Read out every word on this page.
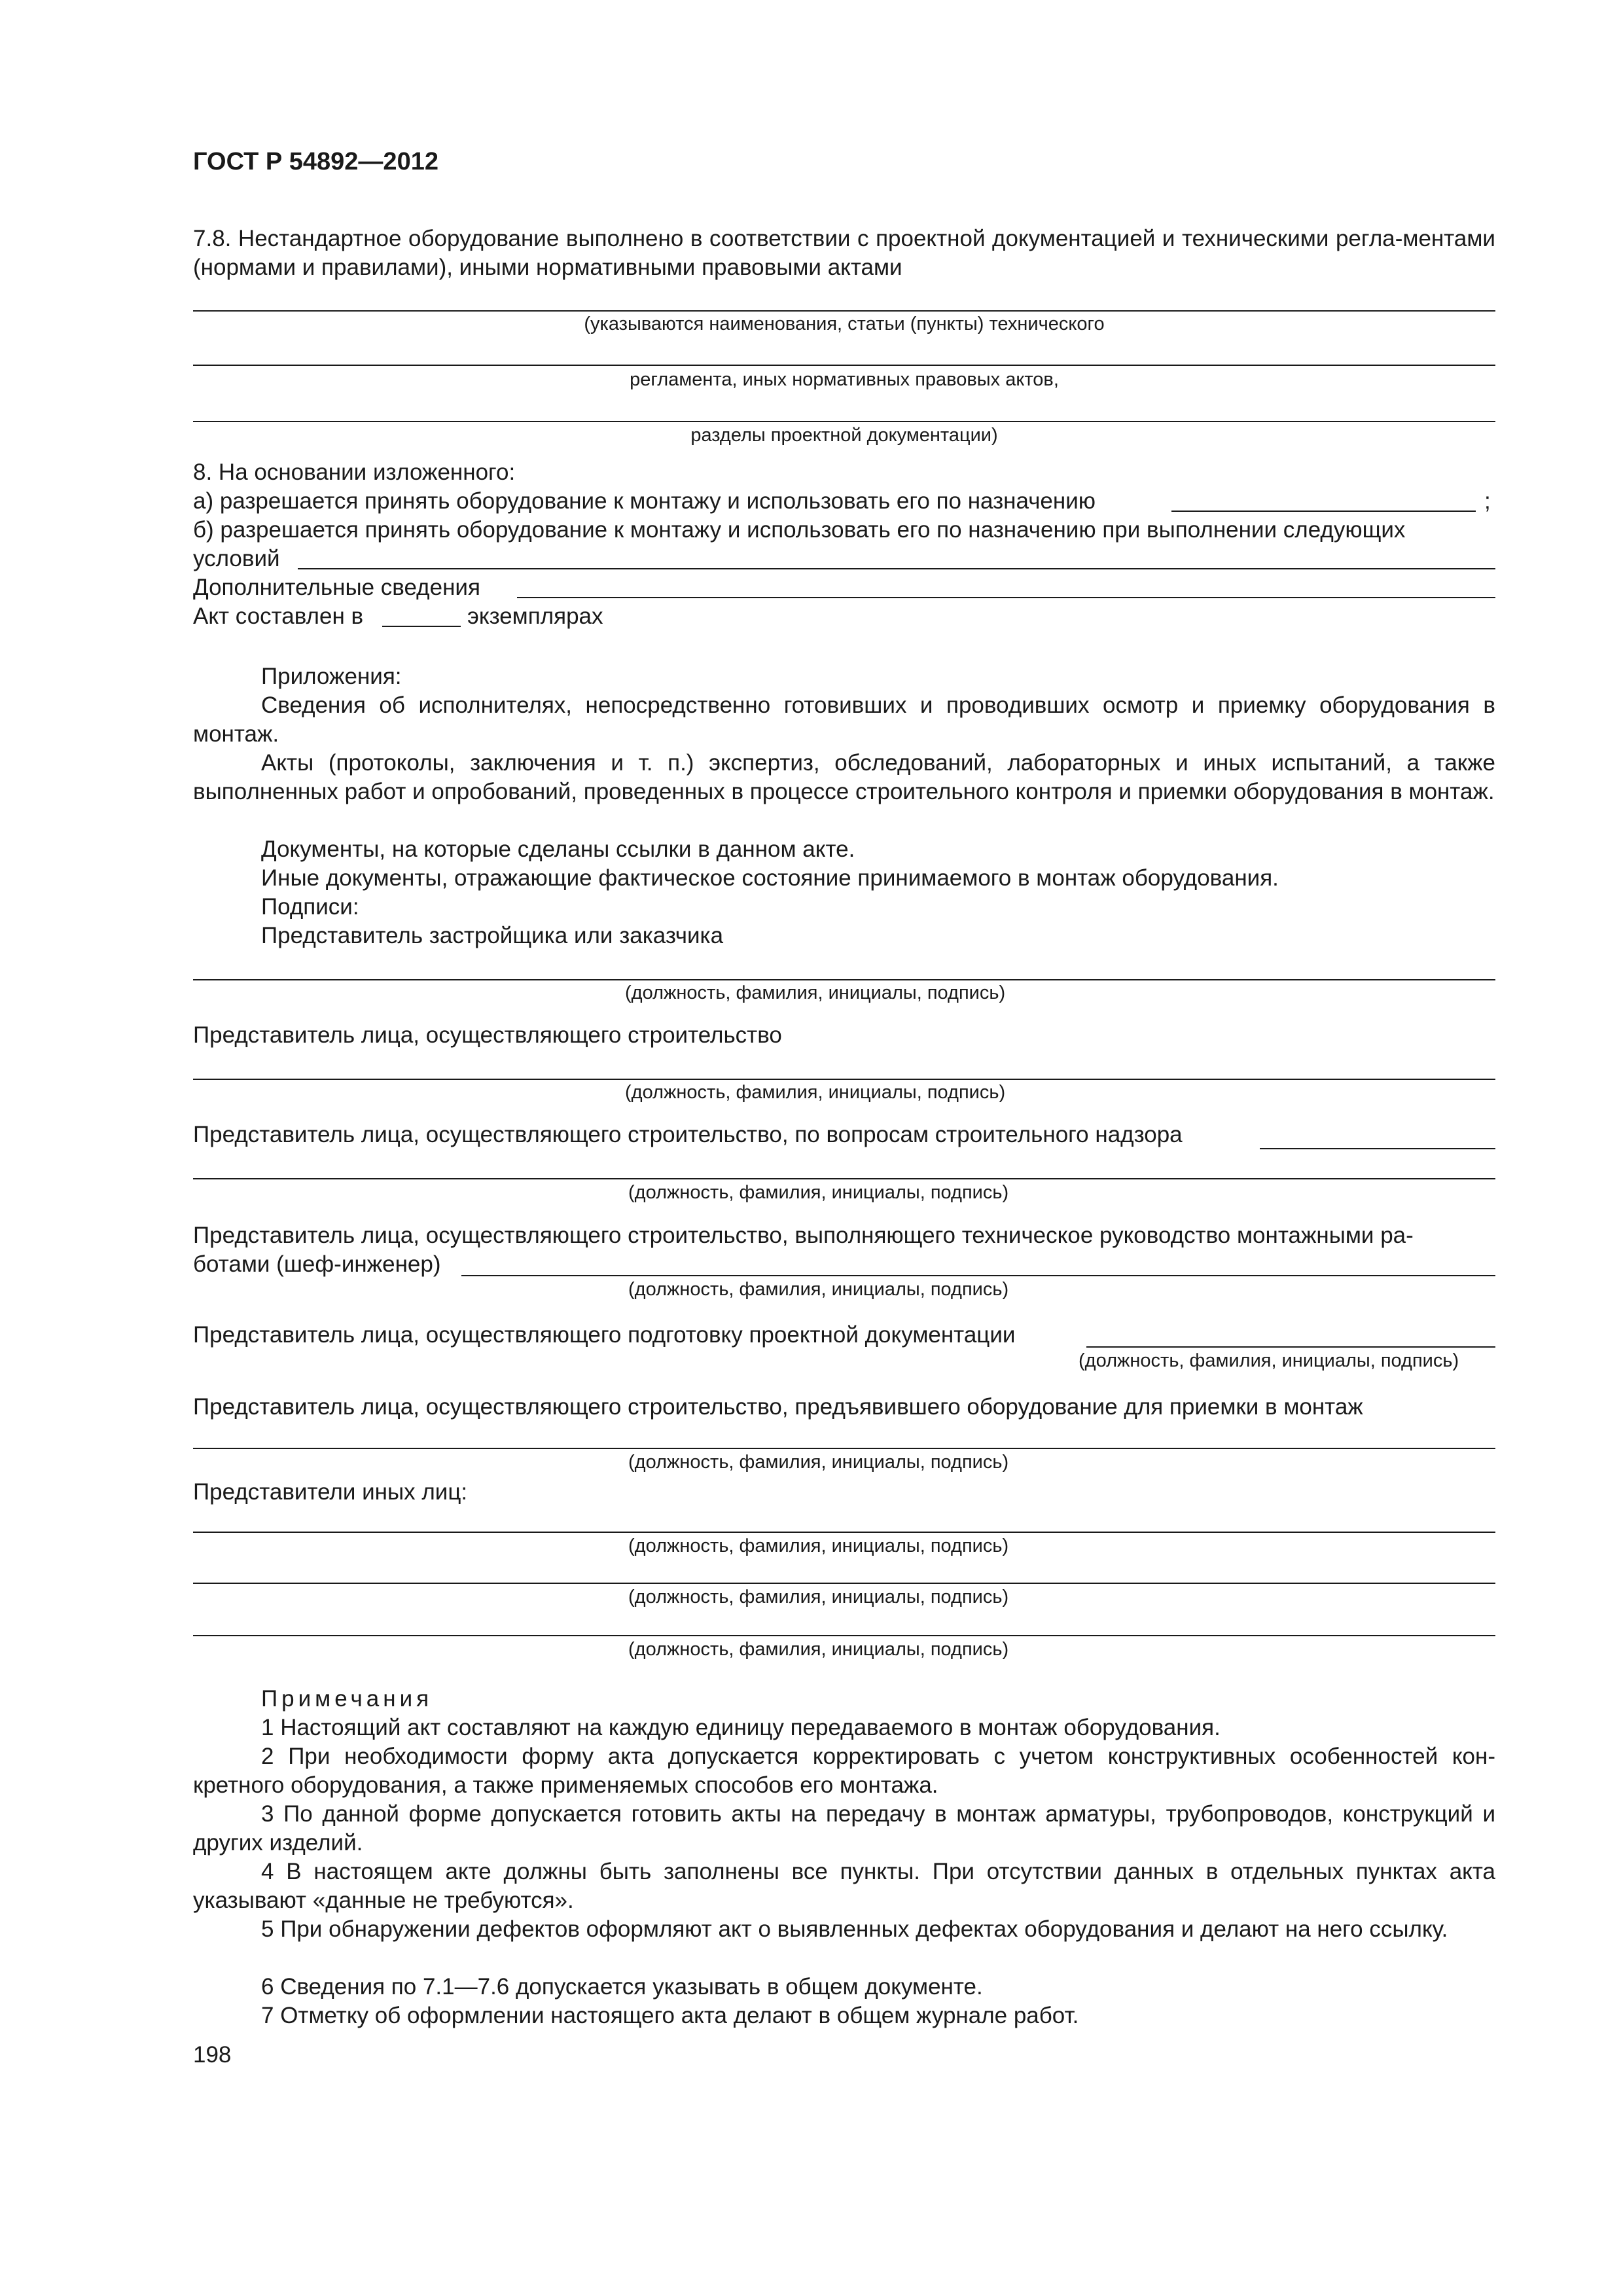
ГОСТ Р 54892—2012
7.8. Нестандартное оборудование выполнено в соответствии с проектной документацией и техническими регла-ментами (нормами и правилами), иными нормативными правовыми актами
(указываются наименования, статьи (пункты) технического
регламента, иных нормативных правовых актов,
разделы проектной документации)
8. На основании изложенного:
а) разрешается принять оборудование к монтажу и использовать его по назначению	;
б) разрешается принять оборудование к монтажу и использовать его по назначению при выполнении следующих
условий
Дополнительные сведения
Акт составлен в	экземплярах
Приложения:
Сведения об исполнителях, непосредственно готовивших и проводивших осмотр и приемку оборудования в монтаж.
Акты (протоколы, заключения и т. п.) экспертиз, обследований, лабораторных и иных испытаний, а также выполненных работ и опробований, проведенных в процессе строительного контроля и приемки оборудования в монтаж.
Документы, на которые сделаны ссылки в данном акте.
Иные документы, отражающие фактическое состояние принимаемого в монтаж оборудования.
Подписи:
Представитель застройщика или заказчика
(должность, фамилия, инициалы, подпись)
Представитель лица, осуществляющего строительство
(должность, фамилия, инициалы, подпись)
Представитель лица, осуществляющего строительство, по вопросам строительного надзора
(должность, фамилия, инициалы, подпись)
Представитель лица, осуществляющего строительство, выполняющего техническое руководство монтажными ра-
ботами (шеф-инженер)
(должность, фамилия, инициалы, подпись)
Представитель лица, осуществляющего подготовку проектной документации
(должность, фамилия, инициалы, подпись)
Представитель лица, осуществляющего строительство, предъявившего оборудование для приемки в монтаж
(должность, фамилия, инициалы, подпись)
Представители иных лиц:
(должность, фамилия, инициалы, подпись)
(должность, фамилия, инициалы, подпись)
(должность, фамилия, инициалы, подпись)
Примечания
1 Настоящий акт составляют на каждую единицу передаваемого в монтаж оборудования.
2 При необходимости форму акта допускается корректировать с учетом конструктивных особенностей кон-кретного оборудования, а также применяемых способов его монтажа.
3 По данной форме допускается готовить акты на передачу в монтаж арматуры, трубопроводов, конструкций и других изделий.
4 В настоящем акте должны быть заполнены все пункты. При отсутствии данных в отдельных пунктах акта указывают «данные не требуются».
5 При обнаружении дефектов оформляют акт о выявленных дефектах оборудования и делают на него ссылку.
6 Сведения по 7.1—7.6 допускается указывать в общем документе.
7 Отметку об оформлении настоящего акта делают в общем журнале работ.
198
